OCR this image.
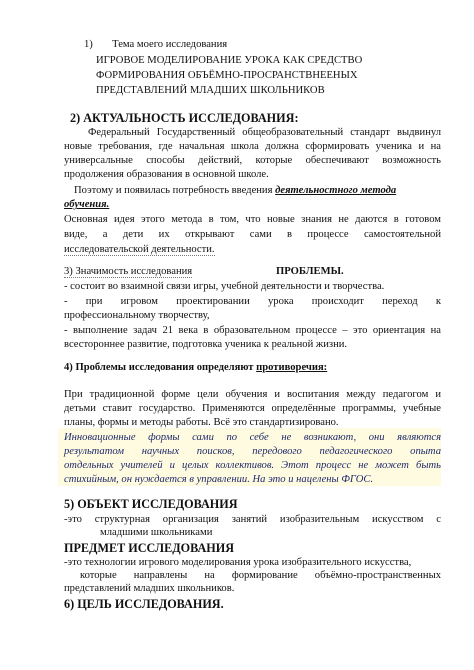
1) Тема моего исследования
ИГРОВОЕ МОДЕЛИРОВАНИЕ УРОКА КАК СРЕДСТВО
ФОРМИРОВАНИЯ ОБЪЁМНО-ПРОСРАНСТВНЕЕНЫХ
ПРЕДСТАВЛЕНИЙ МЛАДШИХ ШКОЛЬНИКОВ
2) АКТУАЛЬНОСТЬ ИССЛЕДОВАНИЯ:
Федеральный Государственный общеобразовательный стандарт выдвинул
новые требования, где начальная школа должна сформировать ученика и на
универсальные способы действий, которые обеспечивают возможность
продолжения образования в основной школе.
Поэтому и появилась потребность введения деятельностного метода
обучения.
Основная идея этого метода в том, что новые знания не даются в готовом
виде, а дети их открывают сами в процессе самостоятельной
исследовательской деятельности.
3) Значимость исследования	ПРОБЛЕМЫ.
- состоит во взаимной связи игры, учебной деятельности и творчества.
- при игровом проектировании урока происходит переход к
профессиональному творчеству,
- выполнение задач 21 века в образовательном процессе – это ориентация на
всестороннее развитие, подготовка ученика к реальной жизни.
4) Проблемы исследования определяют противоречия:
При традиционной форме цели обучения и воспитания между педагогом и
детьми ставит государство. Применяются определённые программы, учебные
планы, формы и методы работы. Всё это стандартизировано.
Инновационные формы сами по себе не возникают, они являются
результатом научных поисков, передового педагогического опыта
отдельных учителей и целых коллективов. Этот процесс не может быть
стихийным, он нуждается в управлении. На это и нацелены ФГОС.
5) ОБЪЕКТ ИССЛЕДОВАНИЯ
-это структурная организация занятий изобразительным искусством с
младшими школьниками
ПРЕДМЕТ ИССЛЕДОВАНИЯ
-это технологии игрового моделирования урока изобразительного искусства,
которые направлены на формирование объёмно-пространственных
представлений младших школьников.
6) ЦЕЛЬ ИССЛЕДОВАНИЯ.
